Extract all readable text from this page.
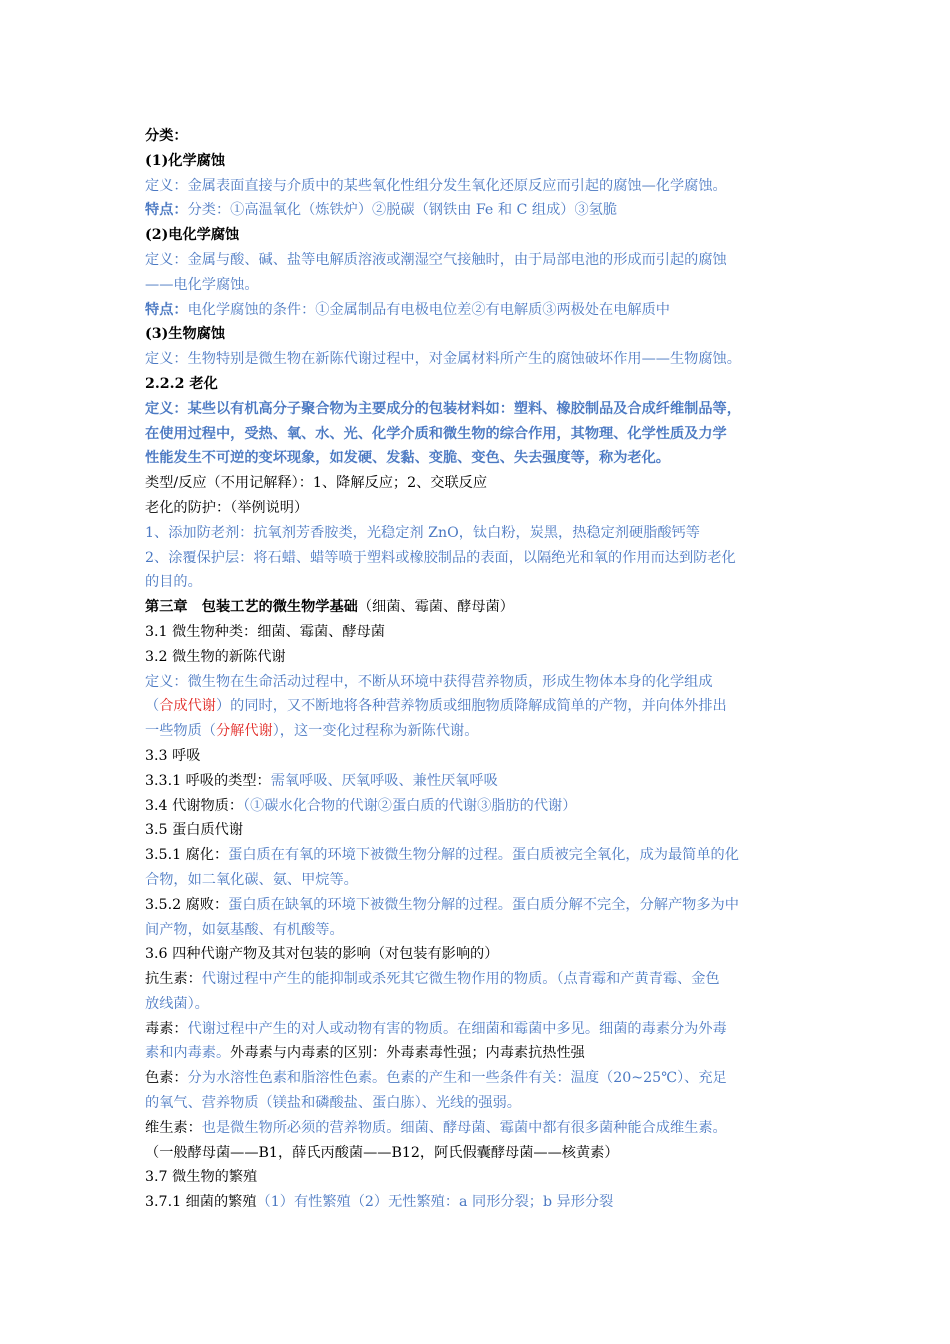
分类：
(1)化学腐蚀
定义：金属表面直接与介质中的某些氧化性组分发生氧化还原反应而引起的腐蚀—化学腐蚀。
特点：分类：①高温氧化（炼铁炉）②脱碳（钢铁由 Fe 和 C 组成）③氢脆
(2)电化学腐蚀
定义：金属与酸、碱、盐等电解质溶液或潮湿空气接触时，由于局部电池的形成而引起的腐蚀
——电化学腐蚀。
特点：电化学腐蚀的条件：①金属制品有电极电位差②有电解质③两极处在电解质中
(3)生物腐蚀
定义：生物特别是微生物在新陈代谢过程中，对金属材料所产生的腐蚀破坏作用——生物腐蚀。
2.2.2 老化
定义：某些以有机高分子聚合物为主要成分的包装材料如：塑料、橡胶制品及合成纤维制品等，
在使用过程中，受热、氧、水、光、化学介质和微生物的综合作用，其物理、化学性质及力学
性能发生不可逆的变坏现象，如发硬、发黏、变脆、变色、失去强度等，称为老化。
类型/反应（不用记解释）：1、降解反应；2、交联反应
老化的防护：（举例说明）
1、添加防老剂：抗氧剂芳香胺类，光稳定剂 ZnO，钛白粉，炭黑，热稳定剂硬脂酸钙等
2、涂覆保护层：将石蜡、蜡等喷于塑料或橡胶制品的表面，以隔绝光和氧的作用而达到防老化
的目的。
第三章　包装工艺的微生物学基础（细菌、霉菌、酵母菌）
3.1 微生物种类：细菌、霉菌、酵母菌
3.2 微生物的新陈代谢
定义：微生物在生命活动过程中，不断从环境中获得营养物质，形成生物体本身的化学组成
（合成代谢）的同时，又不断地将各种营养物质或细胞物质降解成简单的产物，并向体外排出
一些物质（分解代谢），这一变化过程称为新陈代谢。
3.3 呼吸
3.3.1 呼吸的类型：需氧呼吸、厌氧呼吸、兼性厌氧呼吸
3.4 代谢物质：（①碳水化合物的代谢②蛋白质的代谢③脂肪的代谢）
3.5 蛋白质代谢
3.5.1 腐化：蛋白质在有氧的环境下被微生物分解的过程。蛋白质被完全氧化，成为最简单的化
合物，如二氧化碳、氨、甲烷等。
3.5.2 腐败：蛋白质在缺氧的环境下被微生物分解的过程。蛋白质分解不完全，分解产物多为中
间产物，如氨基酸、有机酸等。
3.6 四种代谢产物及其对包装的影响（对包装有影响的）
抗生素：代谢过程中产生的能抑制或杀死其它微生物作用的物质。（点青霉和产黄青霉、金色
放线菌）。
毒素：代谢过程中产生的对人或动物有害的物质。在细菌和霉菌中多见。细菌的毒素分为外毒
素和内毒素。外毒素与内毒素的区别：外毒素毒性强；内毒素抗热性强
色素：分为水溶性色素和脂溶性色素。色素的产生和一些条件有关：温度（20~25℃）、充足
的氧气、营养物质（镁盐和磷酸盐、蛋白胨）、光线的强弱。
维生素：也是微生物所必须的营养物质。细菌、酵母菌、霉菌中都有很多菌种能合成维生素。
（一般酵母菌——B1，薛氏丙酸菌——B12，阿氏假囊酵母菌——核黄素）
3.7 微生物的繁殖
3.7.1 细菌的繁殖（1）有性繁殖（2）无性繁殖：a 同形分裂；b 异形分裂
